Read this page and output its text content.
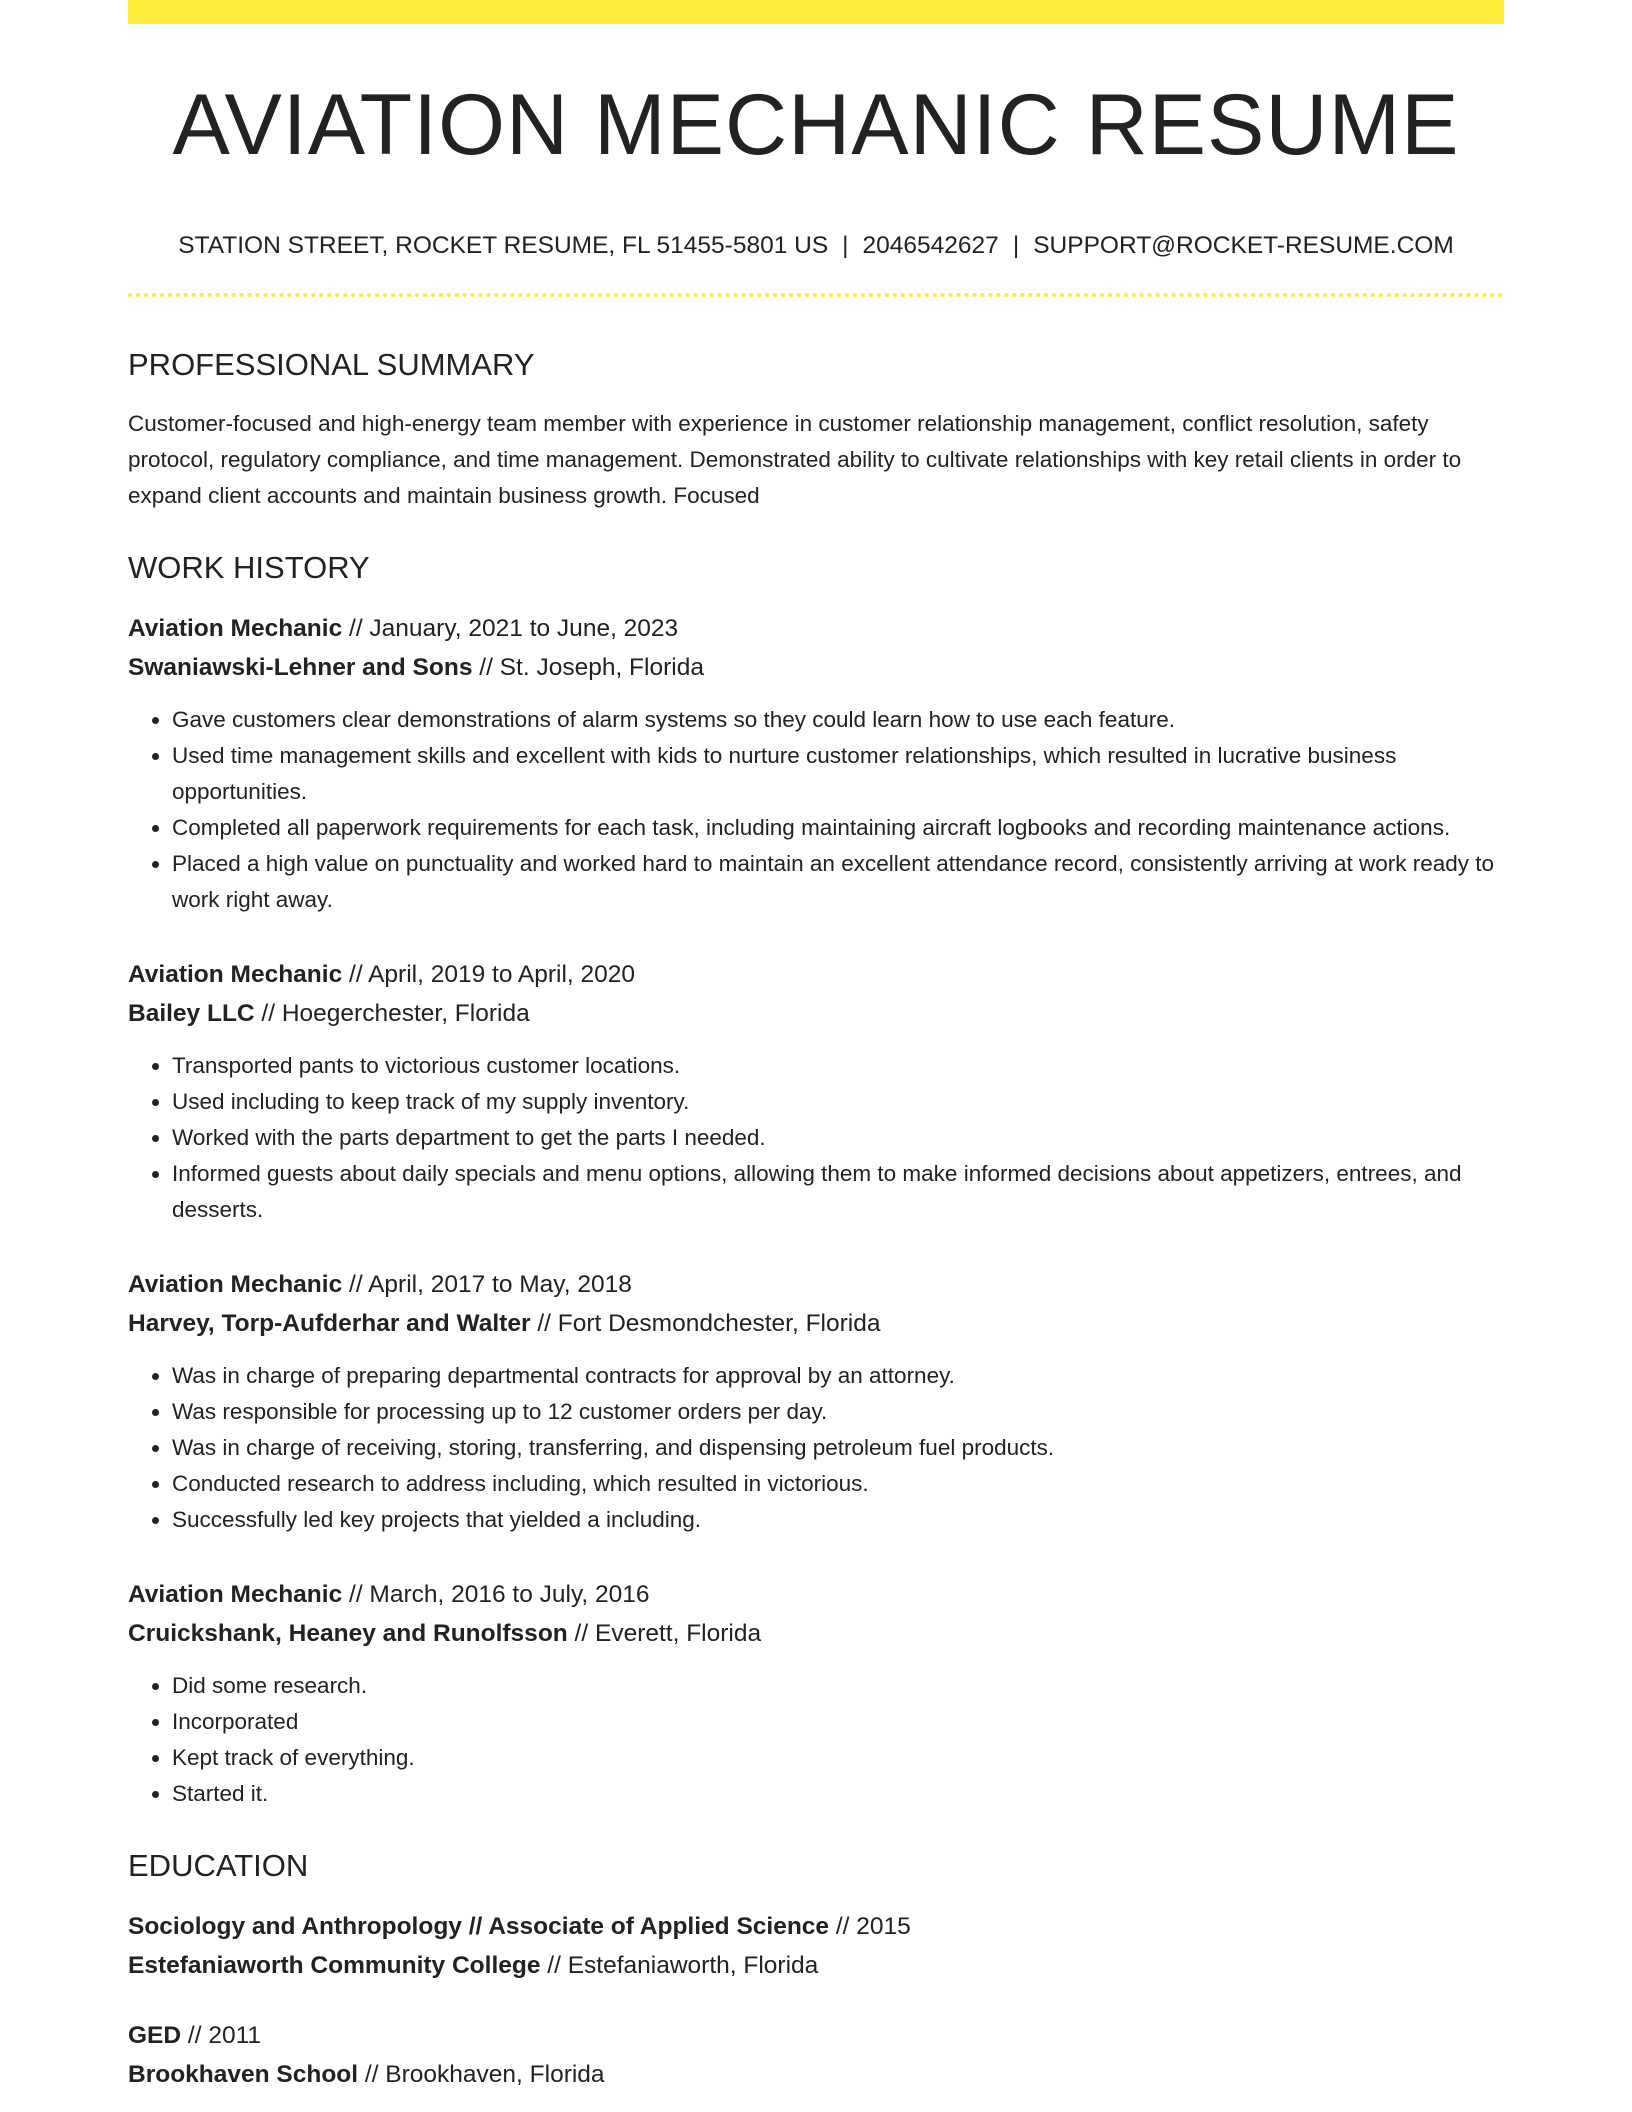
AVIATION MECHANIC RESUME
STATION STREET, ROCKET RESUME, FL 51455-5801 US | 2046542627 | SUPPORT@ROCKET-RESUME.COM
PROFESSIONAL SUMMARY

Customer-focused and high-energy team member with experience in customer relationship management, conflict resolution, safety protocol, regulatory compliance, and time management. Demonstrated ability to cultivate relationships with key retail clients in order to expand client accounts and maintain business growth. Focused

WORK HISTORY
Aviation Mechanic // January, 2021 to June, 2023
Swaniawski-Lehner and Sons // St. Joseph, Florida
• Gave customers clear demonstrations of alarm systems so they could learn how to use each feature.
• Used time management skills and excellent with kids to nurture customer relationships, which resulted in lucrative business opportunities.
• Completed all paperwork requirements for each task, including maintaining aircraft logbooks and recording maintenance actions.
• Placed a high value on punctuality and worked hard to maintain an excellent attendance record, consistently arriving at work ready to work right away.
Aviation Mechanic // April, 2019 to April, 2020
Bailey LLC // Hoegerchester, Florida
• Transported pants to victorious customer locations.
• Used including to keep track of my supply inventory.
• Worked with the parts department to get the parts I needed.
• Informed guests about daily specials and menu options, allowing them to make informed decisions about appetizers, entrees, and desserts.
Aviation Mechanic // April, 2017 to May, 2018
Harvey, Torp-Aufderhar and Walter // Fort Desmondchester, Florida
• Was in charge of preparing departmental contracts for approval by an attorney.
• Was responsible for processing up to 12 customer orders per day.
• Was in charge of receiving, storing, transferring, and dispensing petroleum fuel products.
• Conducted research to address including, which resulted in victorious.
• Successfully led key projects that yielded a including.
Aviation Mechanic // March, 2016 to July, 2016
Cruickshank, Heaney and Runolfsson // Everett, Florida
• Did some research.
• Incorporated
• Kept track of everything.
• Started it.
EDUCATION
Sociology and Anthropology // Associate of Applied Science // 2015
Estefaniaworth Community College // Estefaniaworth, Florida
GED // 2011
Brookhaven School // Brookhaven, Florida
